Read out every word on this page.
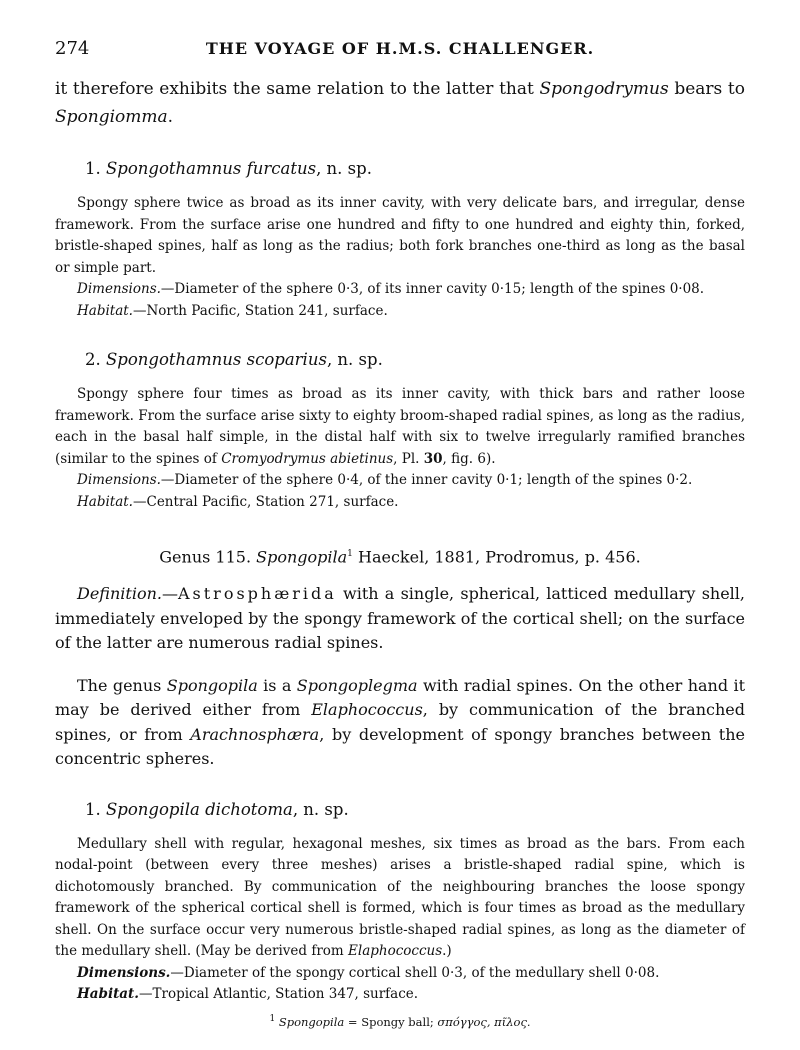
274	THE VOYAGE OF H.M.S. CHALLENGER.

it therefore exhibits the same relation to the latter that Spongodrymus bears to Spongiomma.

1. Spongothamnus furcatus, n. sp.

Spongy sphere twice as broad as its inner cavity, with very delicate bars, and irregular, dense framework. From the surface arise one hundred and fifty to one hundred and eighty thin, forked, bristle-shaped spines, half as long as the radius; both fork branches one-third as long as the basal or simple part.

Dimensions.—Diameter of the sphere 0·3, of its inner cavity 0·15; length of the spines 0·08.

Habitat.—North Pacific, Station 241, surface.

2. Spongothamnus scoparius, n. sp.

Spongy sphere four times as broad as its inner cavity, with thick bars and rather loose framework. From the surface arise sixty to eighty broom-shaped radial spines, as long as the radius, each in the basal half simple, in the distal half with six to twelve irregularly ramified branches (similar to the spines of Cromyodrymus abietinus, Pl. 30, fig. 6).

Dimensions.—Diameter of the sphere 0·4, of the inner cavity 0·1; length of the spines 0·2.

Habitat.—Central Pacific, Station 271, surface.

Genus 115. Spongopila$^1$ Haeckel, 1881, Prodromus, p. 456.

Definition.—Astrosphærida with a single, spherical, latticed medullary shell, immediately enveloped by the spongy framework of the cortical shell; on the surface of the latter are numerous radial spines.

The genus Spongopila is a Spongoplegma with radial spines. On the other hand it may be derived either from Elaphococcus, by communication of the branched spines, or from Arachnosphæra, by development of spongy branches between the concentric spheres.

1. Spongopila dichotoma, n. sp.

Medullary shell with regular, hexagonal meshes, six times as broad as the bars. From each nodal-point (between every three meshes) arises a bristle-shaped radial spine, which is dichotomously branched. By communication of the neighbouring branches the loose spongy framework of the spherical cortical shell is formed, which is four times as broad as the medullary shell. On the surface occur very numerous bristle-shaped radial spines, as long as the diameter of the medullary shell. (May be derived from Elaphococcus.)

Dimensions.—Diameter of the spongy cortical shell 0·3, of the medullary shell 0·08.

Habitat.—Tropical Atlantic, Station 347, surface.

$^1$ Spongopila = Spongy ball; σπόγγος, πῖλος.
